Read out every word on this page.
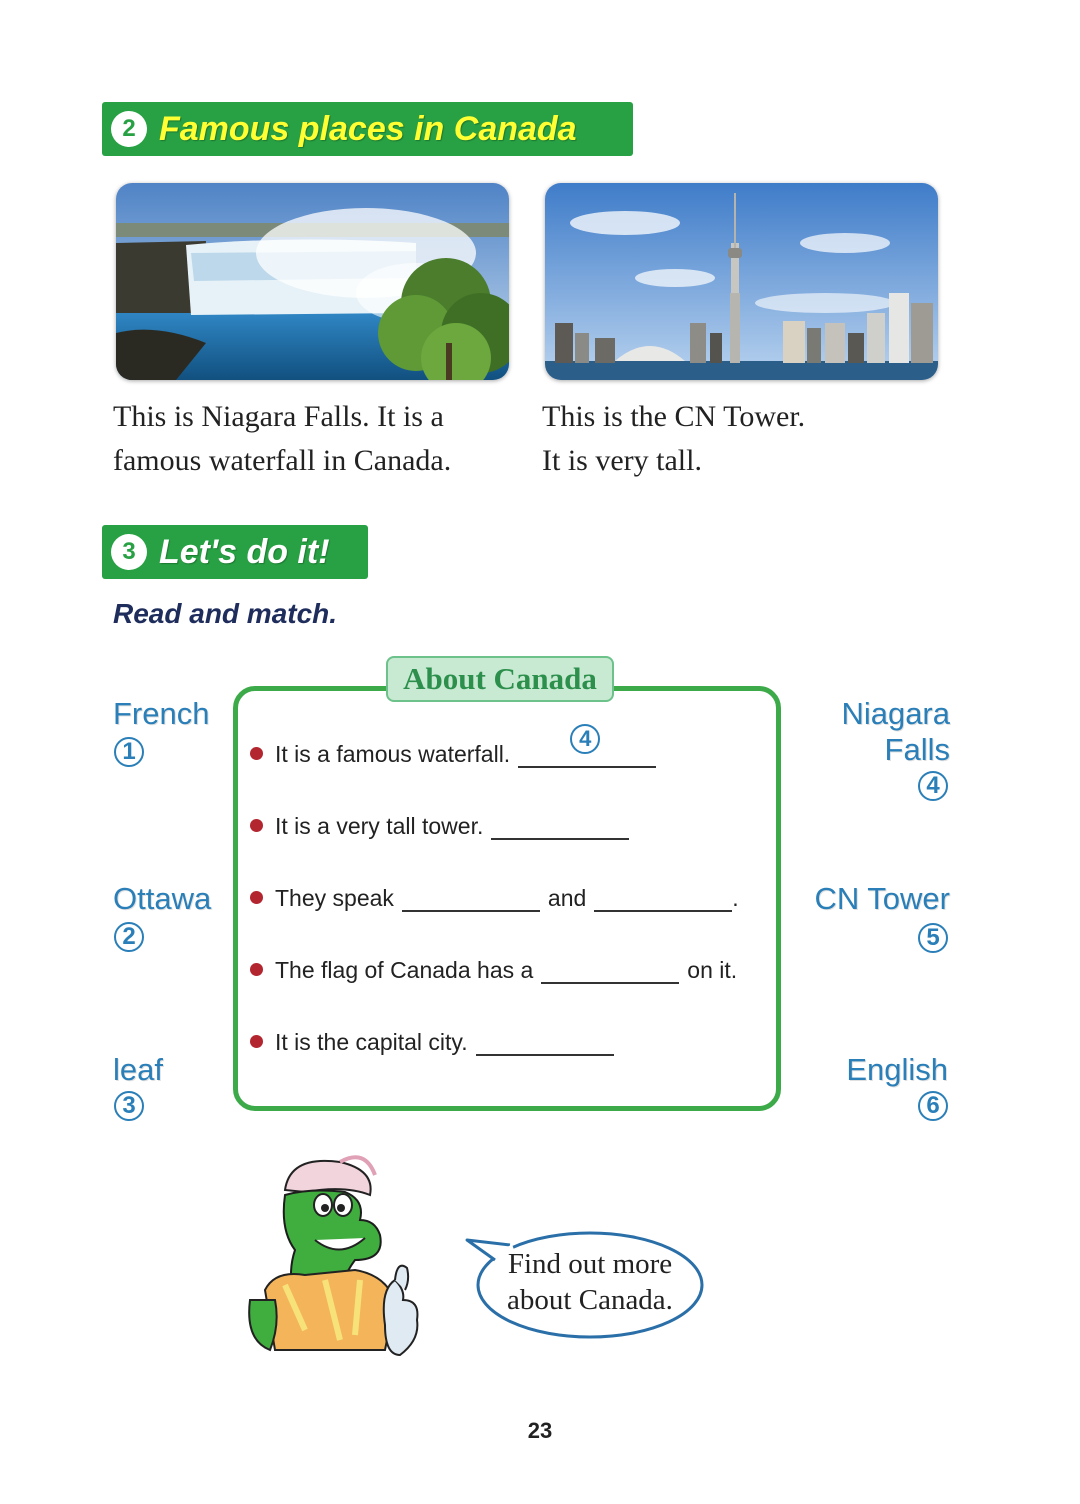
2 Famous places in Canada
This is Niagara Falls. It is a
famous waterfall in Canada.
This is the CN Tower.
It is very tall.
3 Let's do it!
Read and match.
French
1
Ottawa
2
leaf
3
Niagara
Falls
4
CN Tower
5
English
6
About Canada
It is a famous waterfall.
4
It is a very tall tower.
They speak	and	.
The flag of Canada has a	on it.
It is the capital city.
Find out more
about Canada.
23
